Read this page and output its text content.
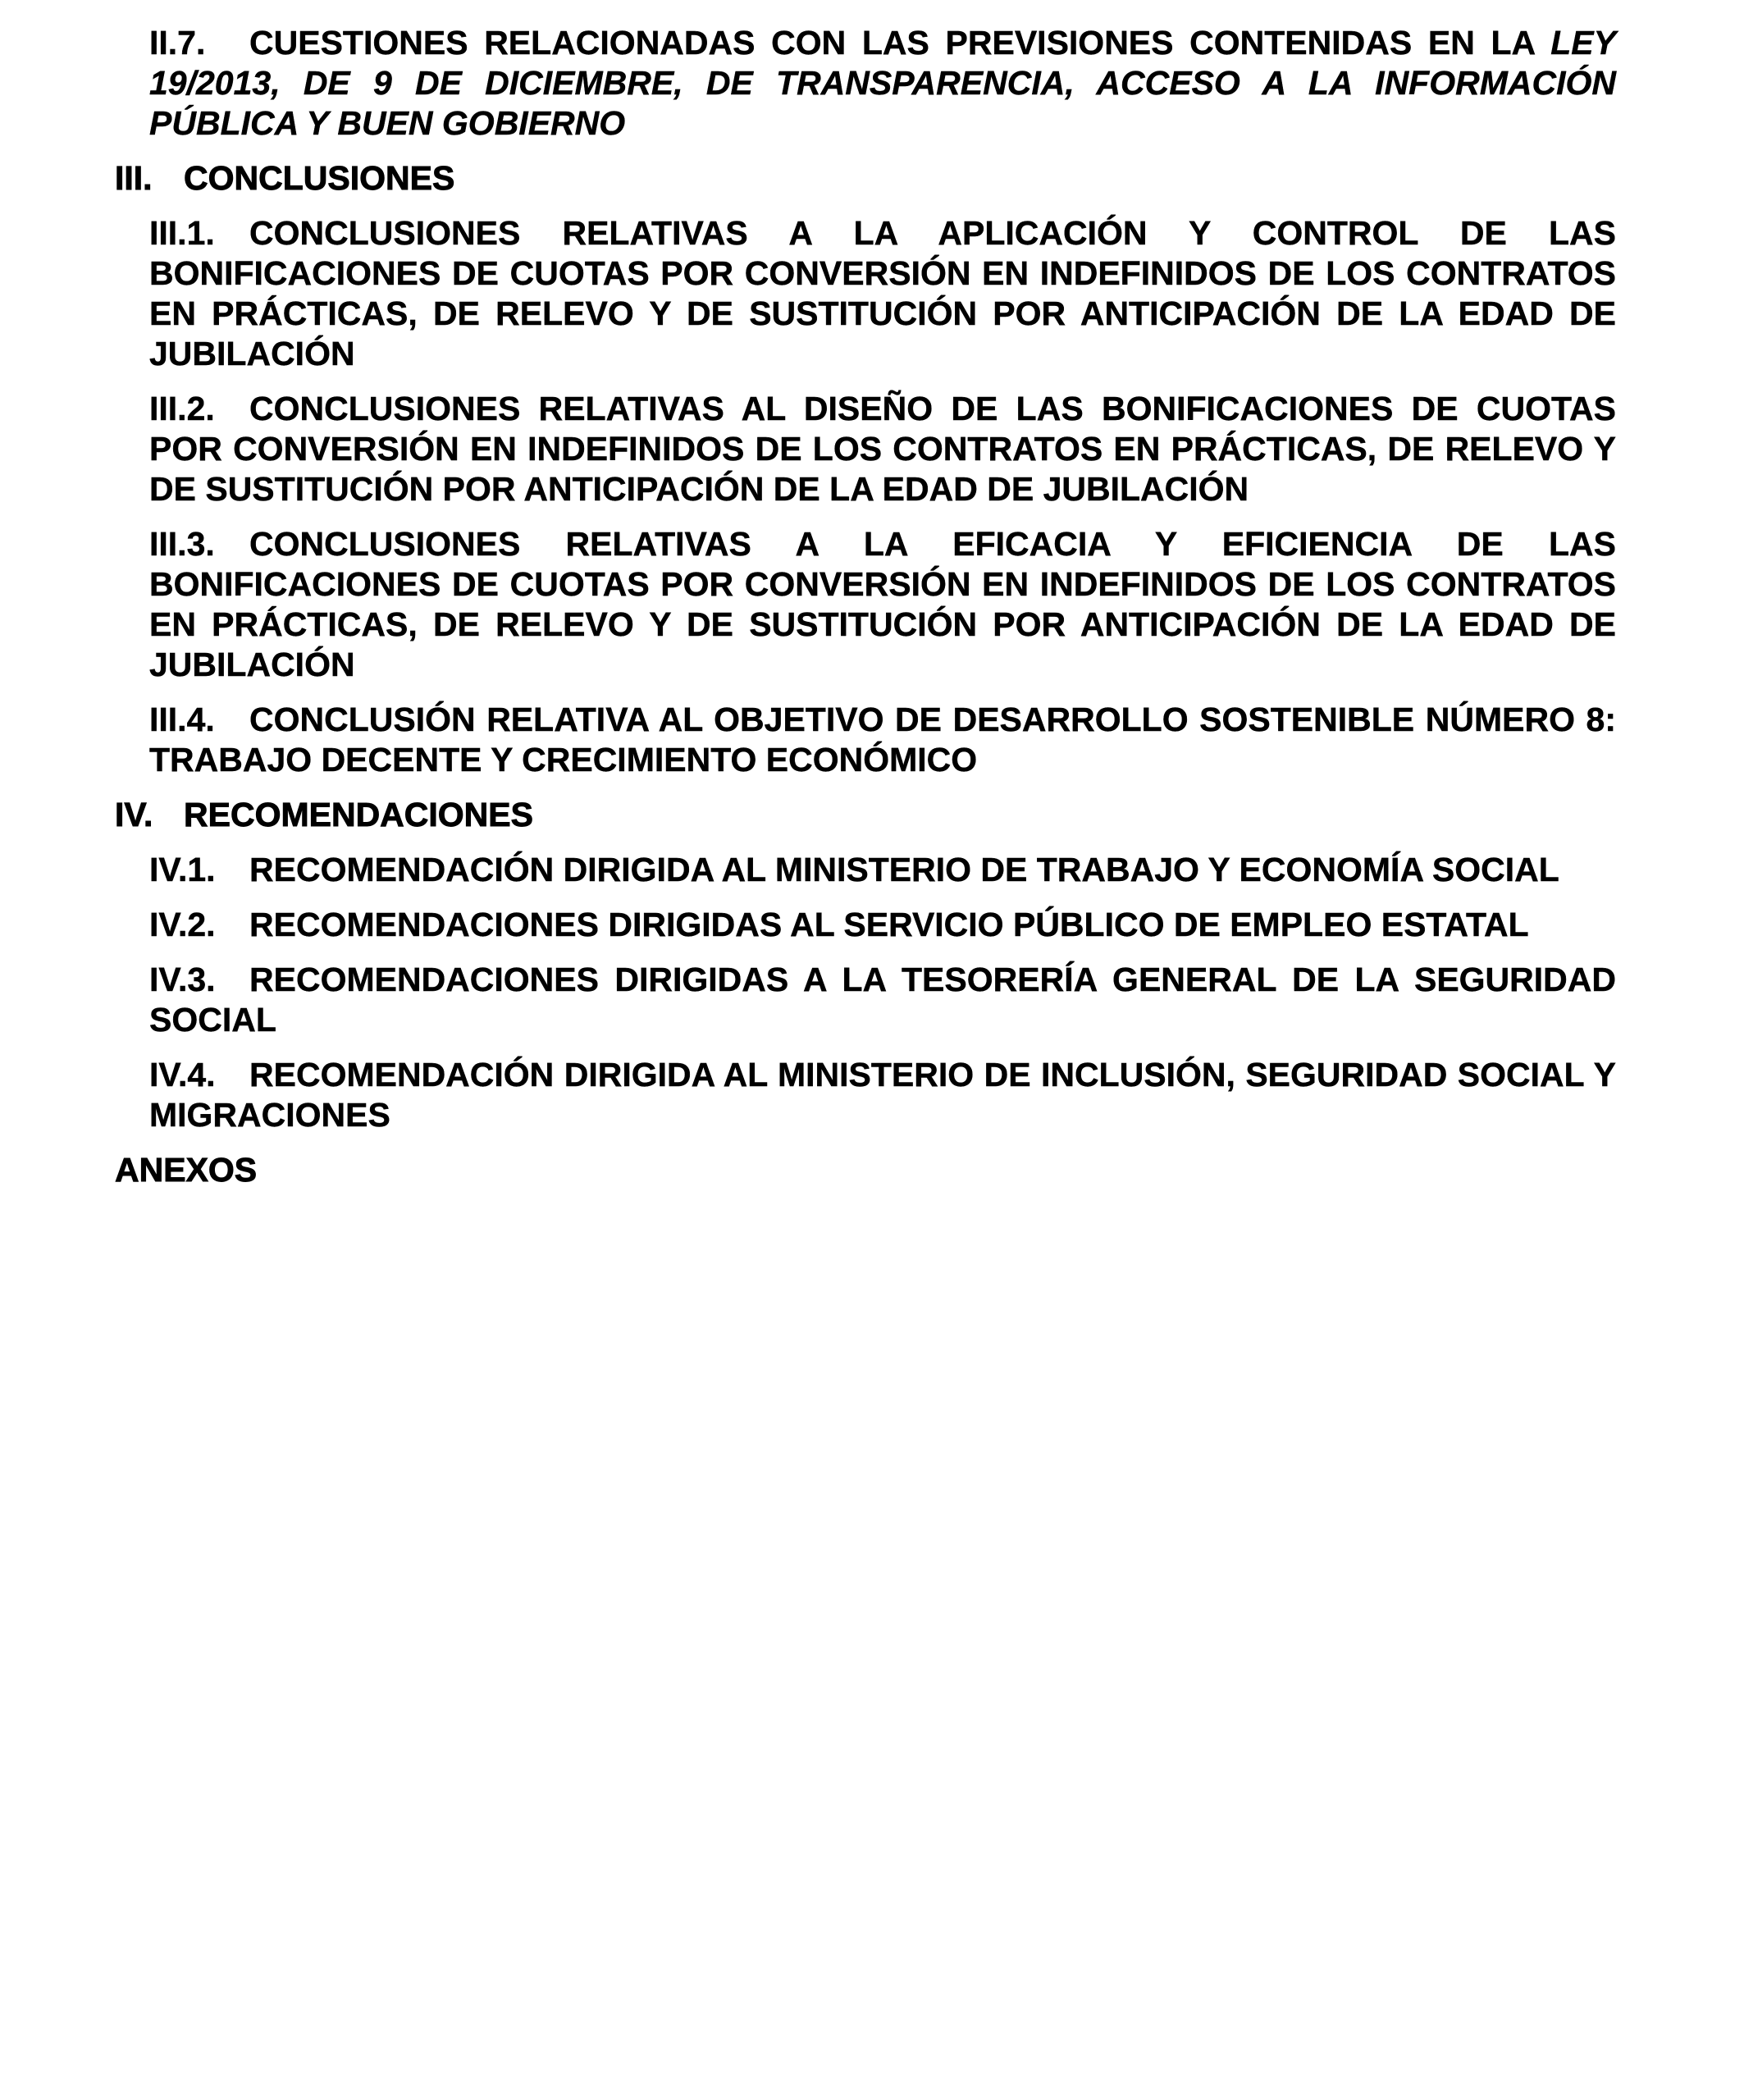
II.7. CUESTIONES RELACIONADAS CON LAS PREVISIONES CONTENIDAS EN LA LEY 19/2013, DE 9 DE DICIEMBRE, DE TRANSPARENCIA, ACCESO A LA INFORMACIÓN PÚBLICA Y BUEN GOBIERNO
III. CONCLUSIONES
III.1. CONCLUSIONES RELATIVAS A LA APLICACIÓN Y CONTROL DE LAS BONIFICACIONES DE CUOTAS POR CONVERSIÓN EN INDEFINIDOS DE LOS CONTRATOS EN PRÁCTICAS, DE RELEVO Y DE SUSTITUCIÓN POR ANTICIPACIÓN DE LA EDAD DE JUBILACIÓN
III.2. CONCLUSIONES RELATIVAS AL DISEÑO DE LAS BONIFICACIONES DE CUOTAS POR CONVERSIÓN EN INDEFINIDOS DE LOS CONTRATOS EN PRÁCTICAS, DE RELEVO Y DE SUSTITUCIÓN POR ANTICIPACIÓN DE LA EDAD DE JUBILACIÓN
III.3. CONCLUSIONES RELATIVAS A LA EFICACIA Y EFICIENCIA DE LAS BONIFICACIONES DE CUOTAS POR CONVERSIÓN EN INDEFINIDOS DE LOS CONTRATOS EN PRÁCTICAS, DE RELEVO Y DE SUSTITUCIÓN POR ANTICIPACIÓN DE LA EDAD DE JUBILACIÓN
III.4. CONCLUSIÓN RELATIVA AL OBJETIVO DE DESARROLLO SOSTENIBLE NÚMERO 8: TRABAJO DECENTE Y CRECIMIENTO ECONÓMICO
IV. RECOMENDACIONES
IV.1. RECOMENDACIÓN DIRIGIDA AL MINISTERIO DE TRABAJO Y ECONOMÍA SOCIAL
IV.2. RECOMENDACIONES DIRIGIDAS AL SERVICIO PÚBLICO DE EMPLEO ESTATAL
IV.3. RECOMENDACIONES DIRIGIDAS A LA TESORERÍA GENERAL DE LA SEGURIDAD SOCIAL
IV.4. RECOMENDACIÓN DIRIGIDA AL MINISTERIO DE INCLUSIÓN, SEGURIDAD SOCIAL Y MIGRACIONES
ANEXOS
